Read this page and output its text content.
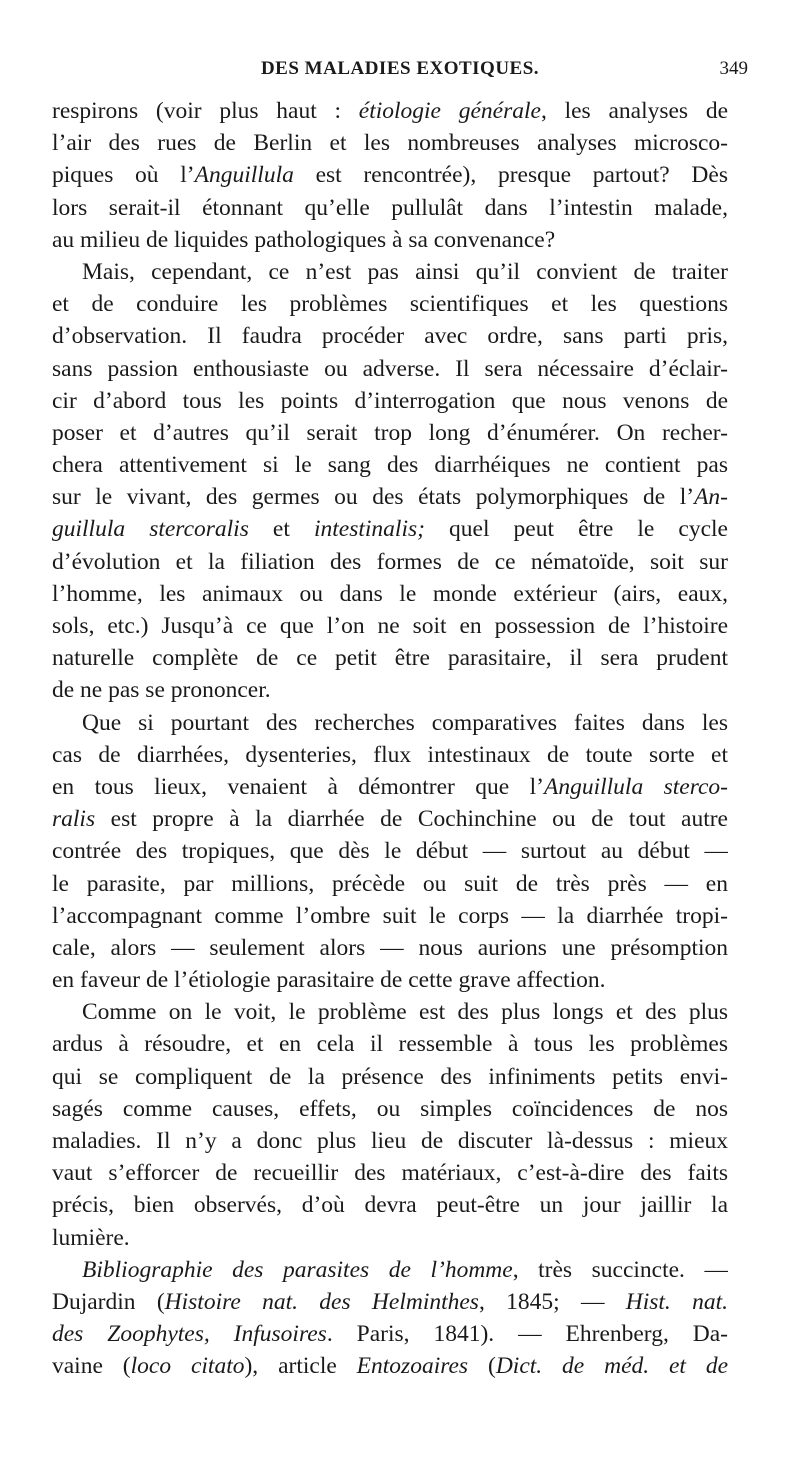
DES MALADIES EXOTIQUES.	349
respirons (voir plus haut : étiologie générale, les analyses de
l’air des rues de Berlin et les nombreuses analyses microsco-
piques où l’Anguillula est rencontrée), presque partout? Dès
lors serait-il étonnant qu’elle pullulât dans l’intestin malade,
au milieu de liquides pathologiques à sa convenance?
Mais, cependant, ce n’est pas ainsi qu’il convient de traiter
et de conduire les problèmes scientifiques et les questions
d’observation. Il faudra procéder avec ordre, sans parti pris,
sans passion enthousiaste ou adverse. Il sera nécessaire d’éclair-
cir d’abord tous les points d’interrogation que nous venons de
poser et d’autres qu’il serait trop long d’énumérer. On recher-
chera attentivement si le sang des diarrhéiques ne contient pas
sur le vivant, des germes ou des états polymorphiques de l’An-
guillula stercoralis et intestinalis; quel peut être le cycle
d’évolution et la filiation des formes de ce nématoïde, soit sur
l’homme, les animaux ou dans le monde extérieur (airs, eaux,
sols, etc.) Jusqu’à ce que l’on ne soit en possession de l’histoire
naturelle complète de ce petit être parasitaire, il sera prudent
de ne pas se prononcer.
Que si pourtant des recherches comparatives faites dans les
cas de diarrhées, dysenteries, flux intestinaux de toute sorte et
en tous lieux, venaient à démontrer que l’Anguillula sterco-
ralis est propre à la diarrhée de Cochinchine ou de tout autre
contrée des tropiques, que dès le début — surtout au début —
le parasite, par millions, précède ou suit de très près — en
l’accompagnant comme l’ombre suit le corps — la diarrhée tropi-
cale, alors — seulement alors — nous aurions une présomption
en faveur de l’étiologie parasitaire de cette grave affection.
Comme on le voit, le problème est des plus longs et des plus
ardus à résoudre, et en cela il ressemble à tous les problèmes
qui se compliquent de la présence des infiniments petits envi-
sagés comme causes, effets, ou simples coïncidences de nos
maladies. Il n’y a donc plus lieu de discuter là-dessus : mieux
vaut s’efforcer de recueillir des matériaux, c’est-à-dire des faits
précis, bien observés, d’où devra peut-être un jour jaillir la
lumière.
Bibliographie des parasites de l’homme, très succincte. —
Dujardin (Histoire nat. des Helminthes, 1845; — Hist. nat.
des Zoophytes, Infusoires. Paris, 1841). — Ehrenberg, Da-
vaine (loco citato), article Entozoaires (Dict. de méd. et de
